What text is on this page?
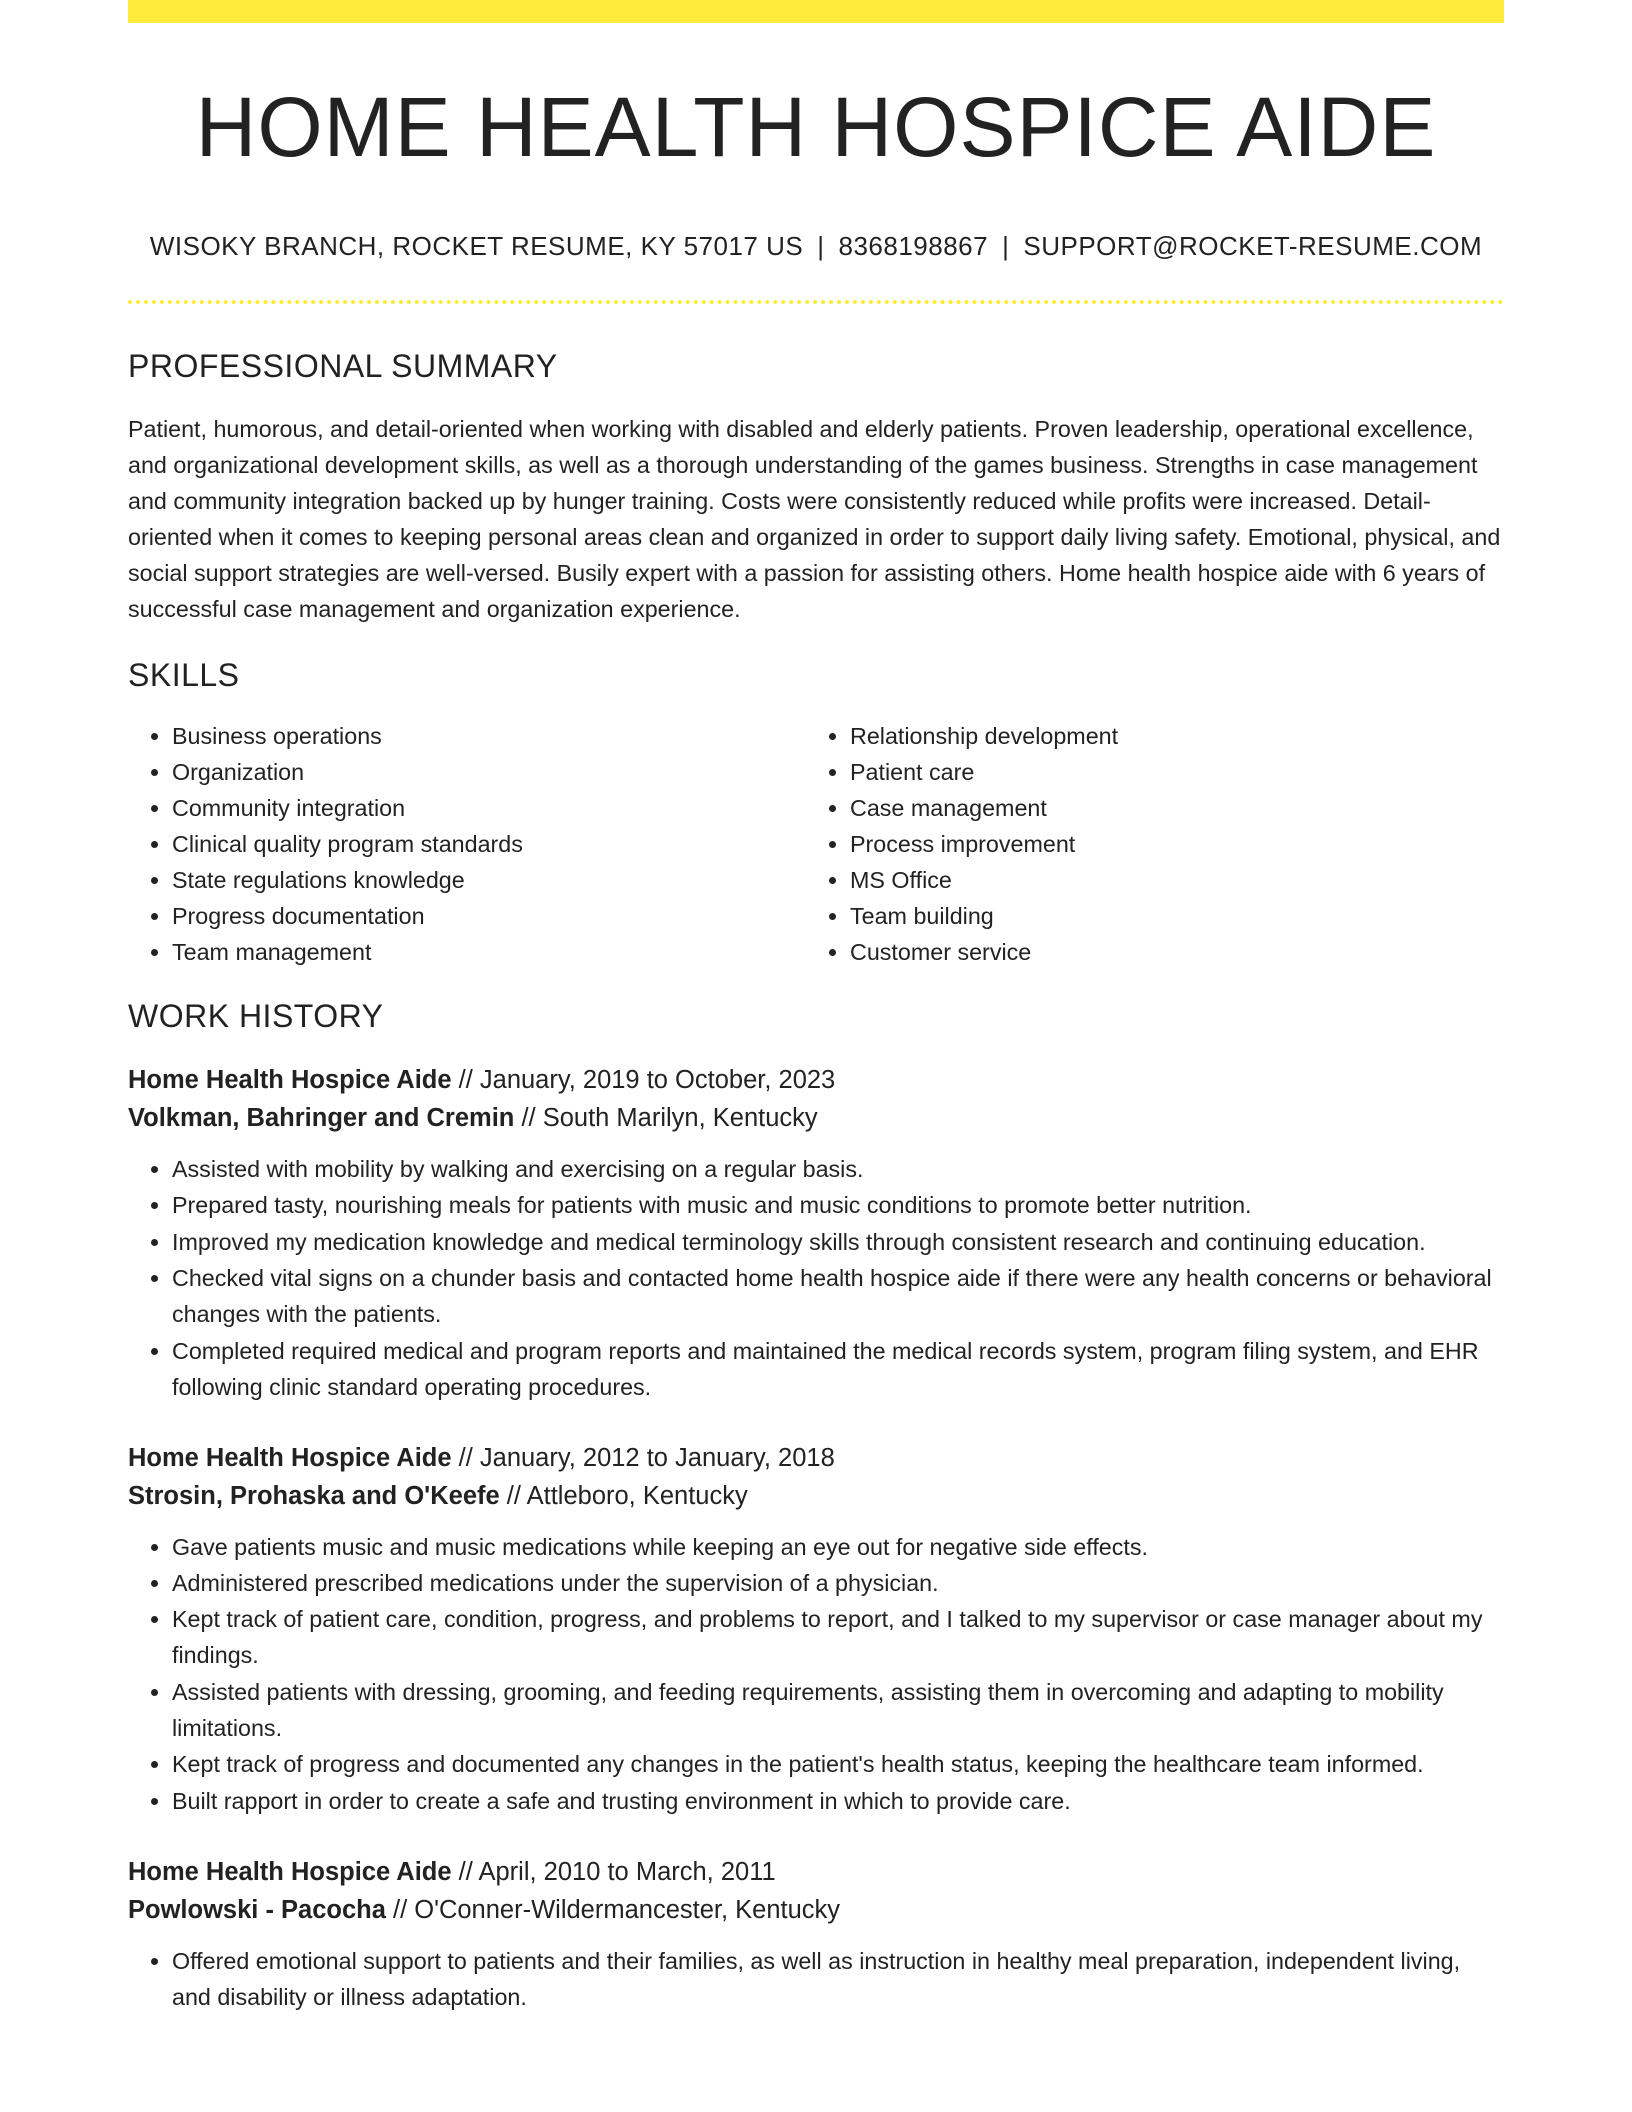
HOME HEALTH HOSPICE AIDE
WISOKY BRANCH, ROCKET RESUME, KY 57017 US | 8368198867 | SUPPORT@ROCKET-RESUME.COM
PROFESSIONAL SUMMARY
Patient, humorous, and detail-oriented when working with disabled and elderly patients. Proven leadership, operational excellence, and organizational development skills, as well as a thorough understanding of the games business. Strengths in case management and community integration backed up by hunger training. Costs were consistently reduced while profits were increased. Detail-oriented when it comes to keeping personal areas clean and organized in order to support daily living safety. Emotional, physical, and social support strategies are well-versed. Busily expert with a passion for assisting others. Home health hospice aide with 6 years of successful case management and organization experience.
SKILLS
• Business operations
• Organization
• Community integration
• Clinical quality program standards
• State regulations knowledge
• Progress documentation
• Team management
• Relationship development
• Patient care
• Case management
• Process improvement
• MS Office
• Team building
• Customer service
WORK HISTORY
Home Health Hospice Aide // January, 2019 to October, 2023
Volkman, Bahringer and Cremin // South Marilyn, Kentucky
• Assisted with mobility by walking and exercising on a regular basis.
• Prepared tasty, nourishing meals for patients with music and music conditions to promote better nutrition.
• Improved my medication knowledge and medical terminology skills through consistent research and continuing education.
• Checked vital signs on a chunder basis and contacted home health hospice aide if there were any health concerns or behavioral changes with the patients.
• Completed required medical and program reports and maintained the medical records system, program filing system, and EHR following clinic standard operating procedures.
Home Health Hospice Aide // January, 2012 to January, 2018
Strosin, Prohaska and O'Keefe // Attleboro, Kentucky
• Gave patients music and music medications while keeping an eye out for negative side effects.
• Administered prescribed medications under the supervision of a physician.
• Kept track of patient care, condition, progress, and problems to report, and I talked to my supervisor or case manager about my findings.
• Assisted patients with dressing, grooming, and feeding requirements, assisting them in overcoming and adapting to mobility limitations.
• Kept track of progress and documented any changes in the patient's health status, keeping the healthcare team informed.
• Built rapport in order to create a safe and trusting environment in which to provide care.
Home Health Hospice Aide // April, 2010 to March, 2011
Powlowski - Pacocha // O'Conner-Wildermancester, Kentucky
• Offered emotional support to patients and their families, as well as instruction in healthy meal preparation, independent living, and disability or illness adaptation.
